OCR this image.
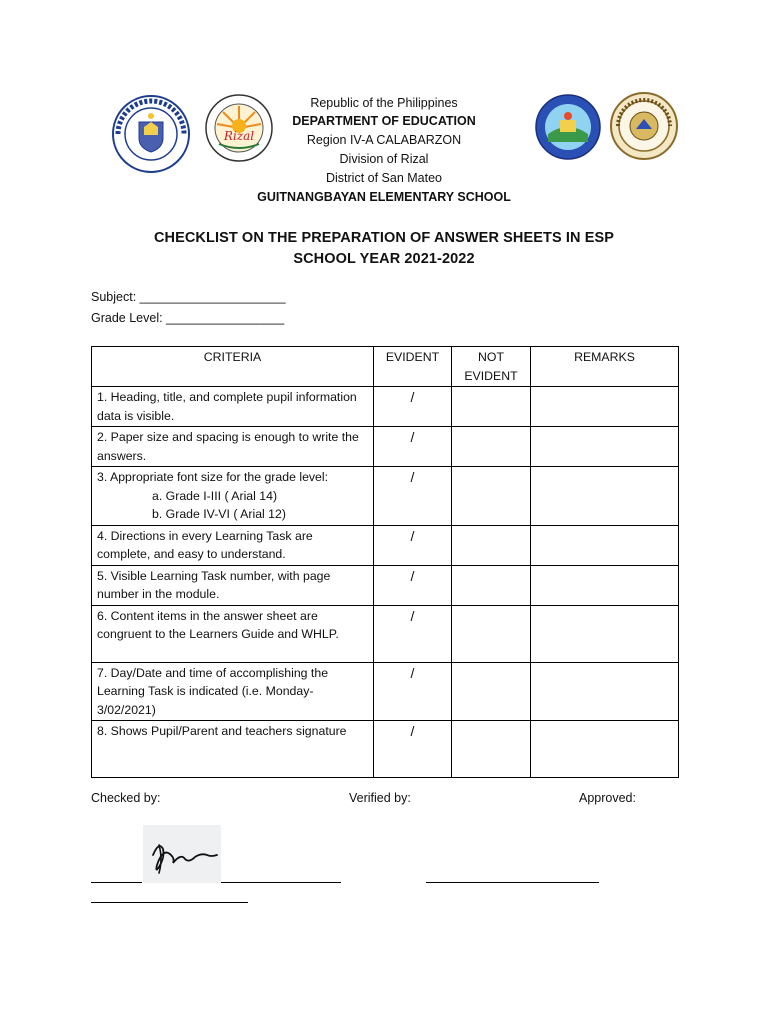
Rizal
Republic of the Philippines
DEPARTMENT OF EDUCATION
Region IV-A CALABARZON
Division of Rizal
District of San Mateo
GUITNANGBAYAN ELEMENTARY SCHOOL
CHECKLIST ON THE PREPARATION OF ANSWER SHEETS IN ESP
SCHOOL YEAR 2021-2022
Subject: _____________________
Grade Level: _________________
CRITERIA	EVIDENT	NOT EVIDENT	REMARKS
1. Heading, title, and complete pupil information data is visible.	/		
2. Paper size and spacing is enough to write the answers.	/		
3. Appropriate font size for the grade level:
a. Grade I-III ( Arial 14)
b. Grade IV-VI ( Arial 12)	/		
4. Directions in every Learning Task are complete, and easy to understand.	/		
5. Visible Learning Task number, with page number in the module.	/		
6. Content items in the answer sheet are congruent to the Learners Guide and WHLP.	/		
7. Day/Date and time of accomplishing the Learning Task is indicated (i.e. Monday-3/02/2021)	/		
8. Shows Pupil/Parent and teachers signature	/		
Checked by:	Verified by:	Approved:
